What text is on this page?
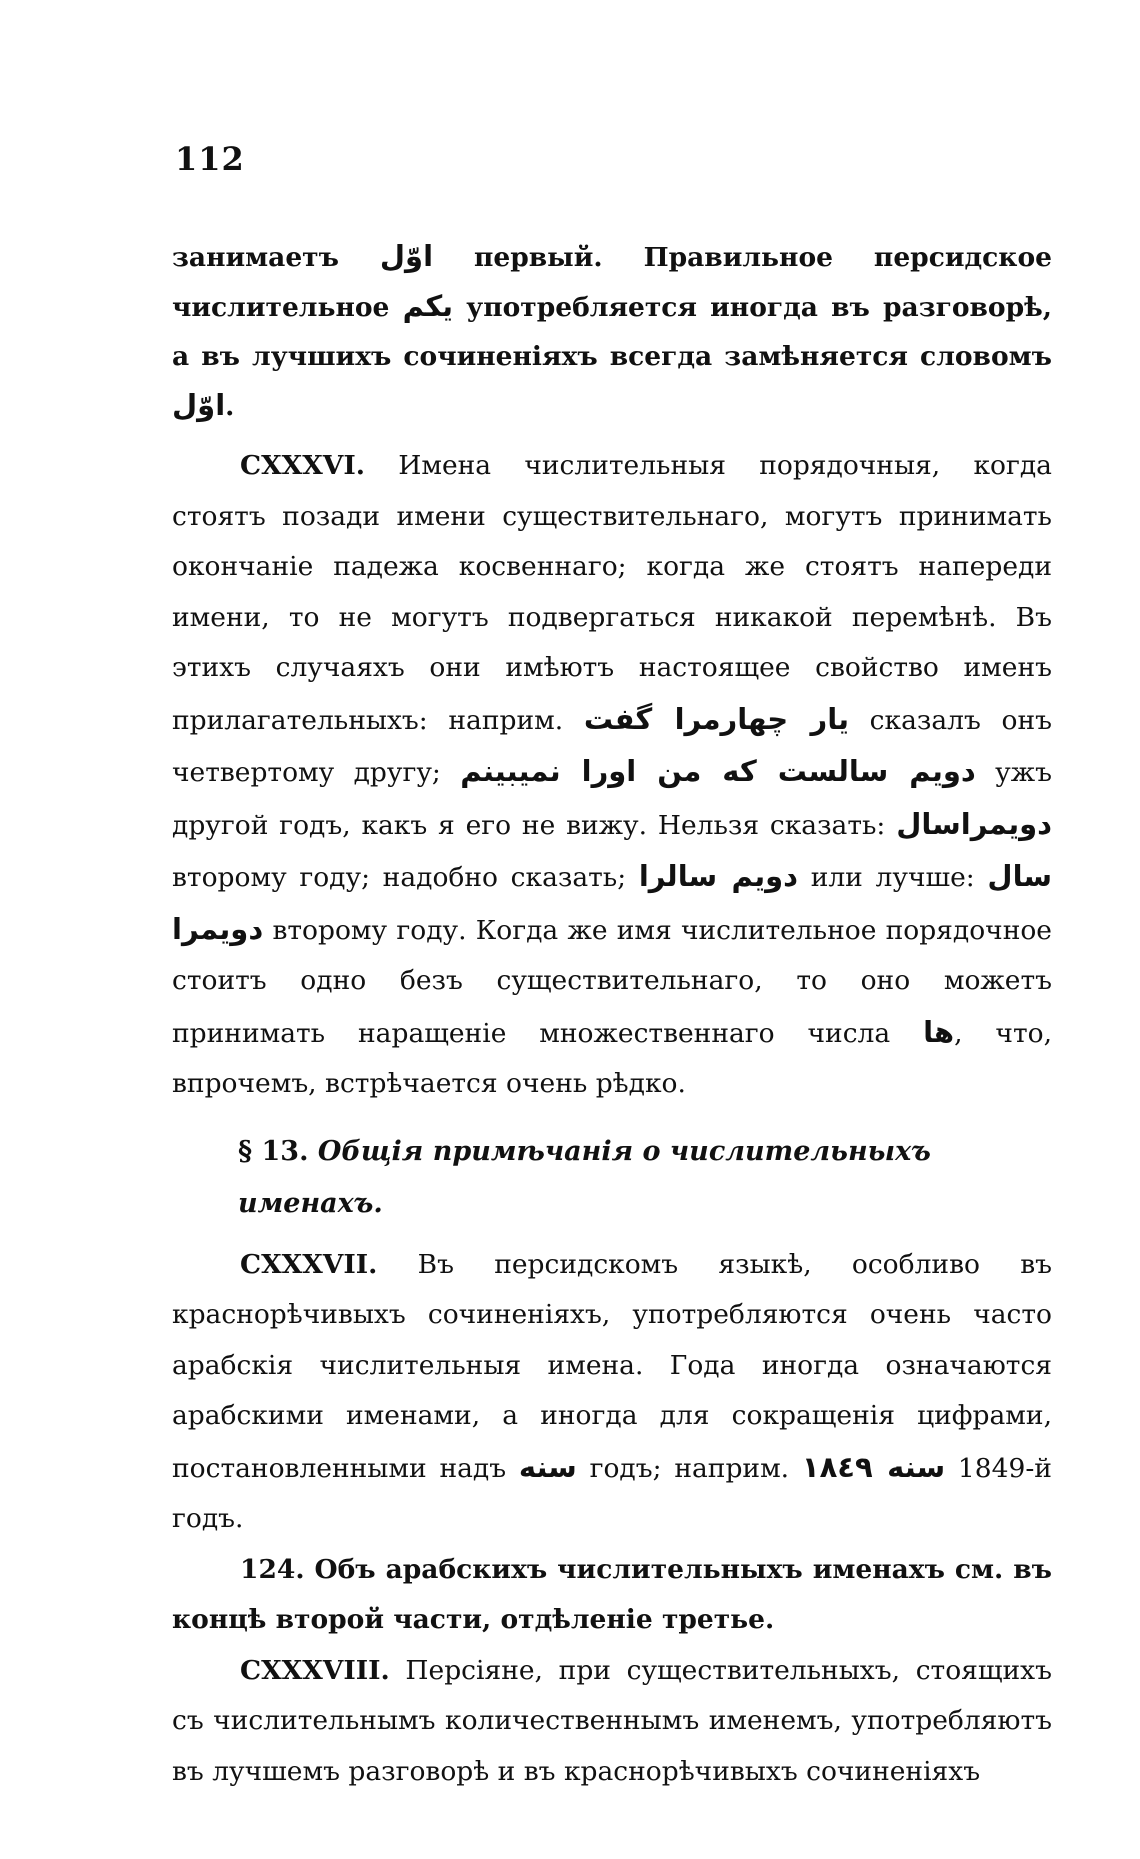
112

занимаетъ اوّل первый. Правильное персидское числительное یکم употребляется иногда въ разговорѣ, а въ лучшихъ сочиненiяхъ всегда замѣняется словомъ اوّل.

CXXXVI. Имена числительныя порядочныя, когда стоятъ позади имени существительнаго, могутъ принимать окончанiе падежа косвеннаго; когда же стоятъ напереди имени, то не могутъ подвергаться никакой перемѣнѣ. Въ этихъ случаяхъ они имѣютъ настоящее свойство именъ прилагательныхъ: наприм. یار چهارمرا گفت сказалъ онъ четвертому другу; دویم سالست که من اورا نمیبینم ужъ другой годъ, какъ я его не вижу. Нельзя сказать: دویمراسال второму году; надобно сказать; دویم سالرا или лучше: سال دویمرا второму году. Когда же имя числительное порядочное стоитъ одно безъ существительнаго, то оно можетъ принимать наращенiе множественнаго числа ها, что, впрочемъ, встрѣчается очень рѣдко.

§ 13. Общiя примѣчанiя о числительныхъ именахъ.

CXXXVII. Въ персидскомъ языкѣ, особливо въ краснорѣчивыхъ сочиненiяхъ, употребляются очень часто арабскiя числительныя имена. Года иногда означаются арабскими именами, а иногда для сокращенiя цифрами, постановленными надъ سنه годъ; наприм. سنه ١٨٤٩ 1849-й годъ.

124. Объ арабскихъ числительныхъ именахъ см. въ концѣ второй части, отдѣленiе третье.

CXXXVIII. Персiяне, при существительныхъ, стоящихъ съ числительнымъ количественнымъ именемъ, употребляютъ въ лучшемъ разговорѣ и въ краснорѣчивыхъ сочиненiяхъ
